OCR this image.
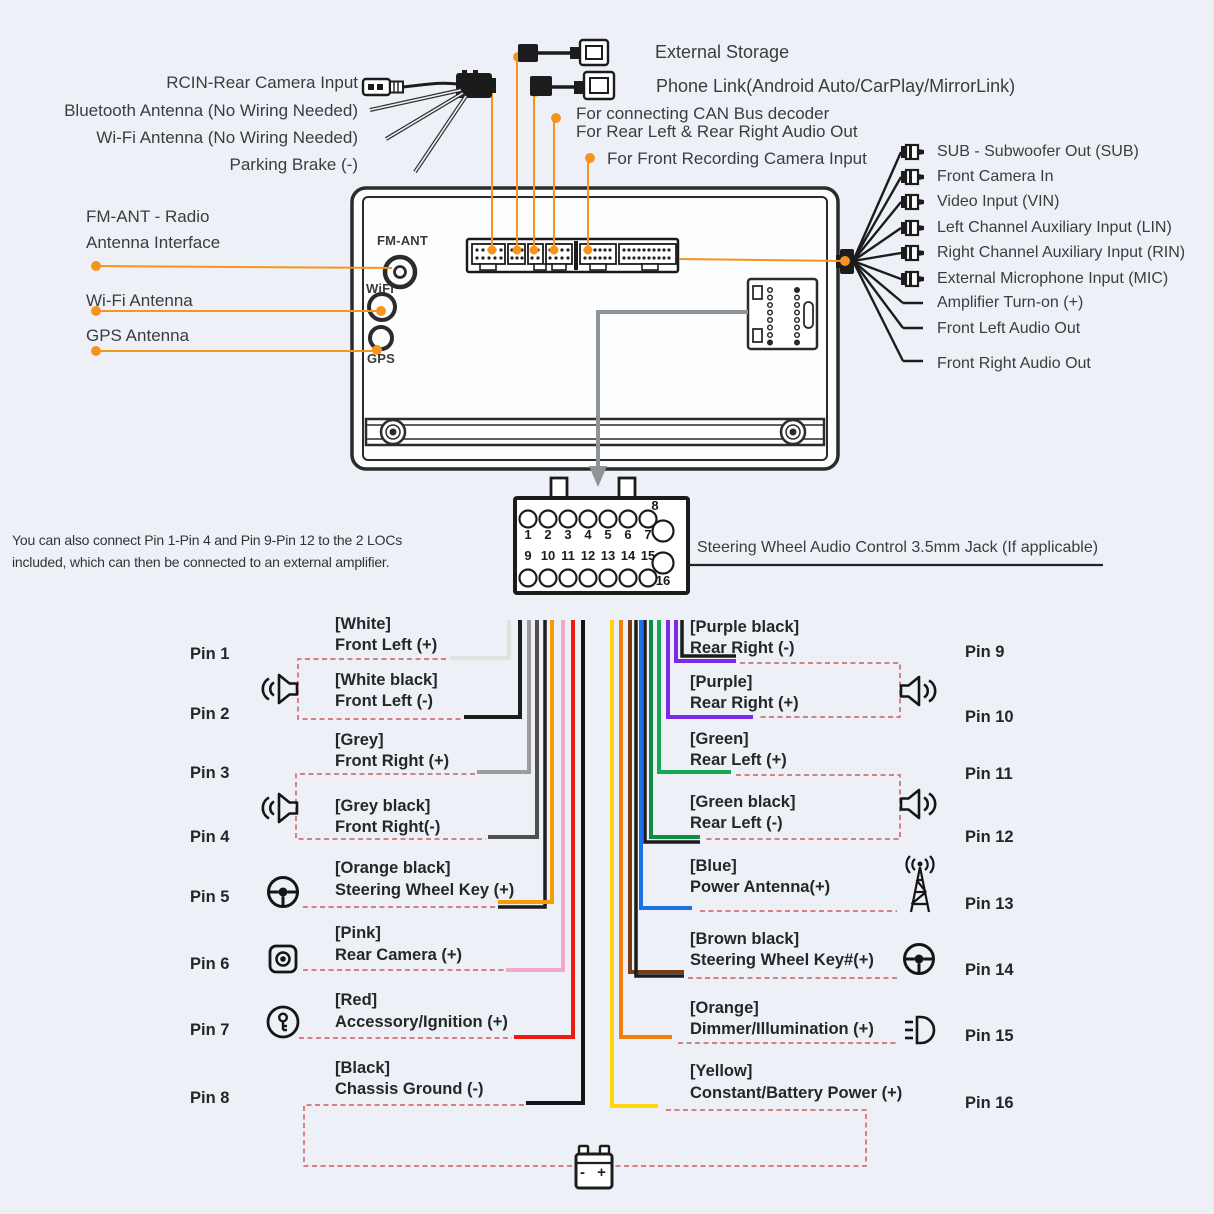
RCIN-Rear Camera Input
Bluetooth Antenna (No Wiring Needed)
Wi-Fi Antenna (No Wiring Needed)
Parking Brake (-)
FM-ANT - Radio
Antenna Interface
Wi-Fi Antenna
GPS Antenna
External Storage
Phone Link(Android Auto/CarPlay/MirrorLink)
For connecting CAN Bus decoder
For Rear Left & Rear Right Audio Out
For Front Recording Camera Input	SUB - Subwoofer Out (SUB)
Front Camera In
Video Input (VIN)
Left Channel Auxiliary Input (LIN)
Right Channel Auxiliary Input (RIN)
External Microphone Input (MIC)
Amplifier Turn-on (+)
Front Left Audio Out
Front Right Audio Out
FM-ANT
WiFi
GPS
You can also connect Pin 1-Pin 4 and Pin 9-Pin 12 to the 2 LOCs
included, which can then be connected to an external amplifier.
Steering Wheel Audio Control 3.5mm Jack (If applicable)
1 2 3 4 5 6 7
8
9 10 11 12 13 14 15
16
Pin 1
Pin 2
Pin 3
Pin 4
Pin 5
Pin 6
Pin 7
Pin 8
Pin 9
Pin 10
Pin 11
Pin 12
Pin 13
Pin 14
Pin 15
Pin 16
[White]
Front Left (+)
[White black]
Front Left (-)
[Grey]
Front Right (+)
[Grey black]
Front Right(-)
[Orange black]
Steering Wheel Key (+)
[Pink]
Rear Camera (+)
[Red]
Accessory/Ignition (+)
[Black]
Chassis Ground (-)
[Purple black]
Rear Right (-)
[Purple]
Rear Right (+)
[Green]
Rear Left (+)
[Green black]
Rear Left (-)
[Blue]
Power Antenna(+)
[Brown black]
Steering Wheel Key#(+)
[Orange]
Dimmer/Illumination (+)
[Yellow]
Constant/Battery Power (+)
- +
